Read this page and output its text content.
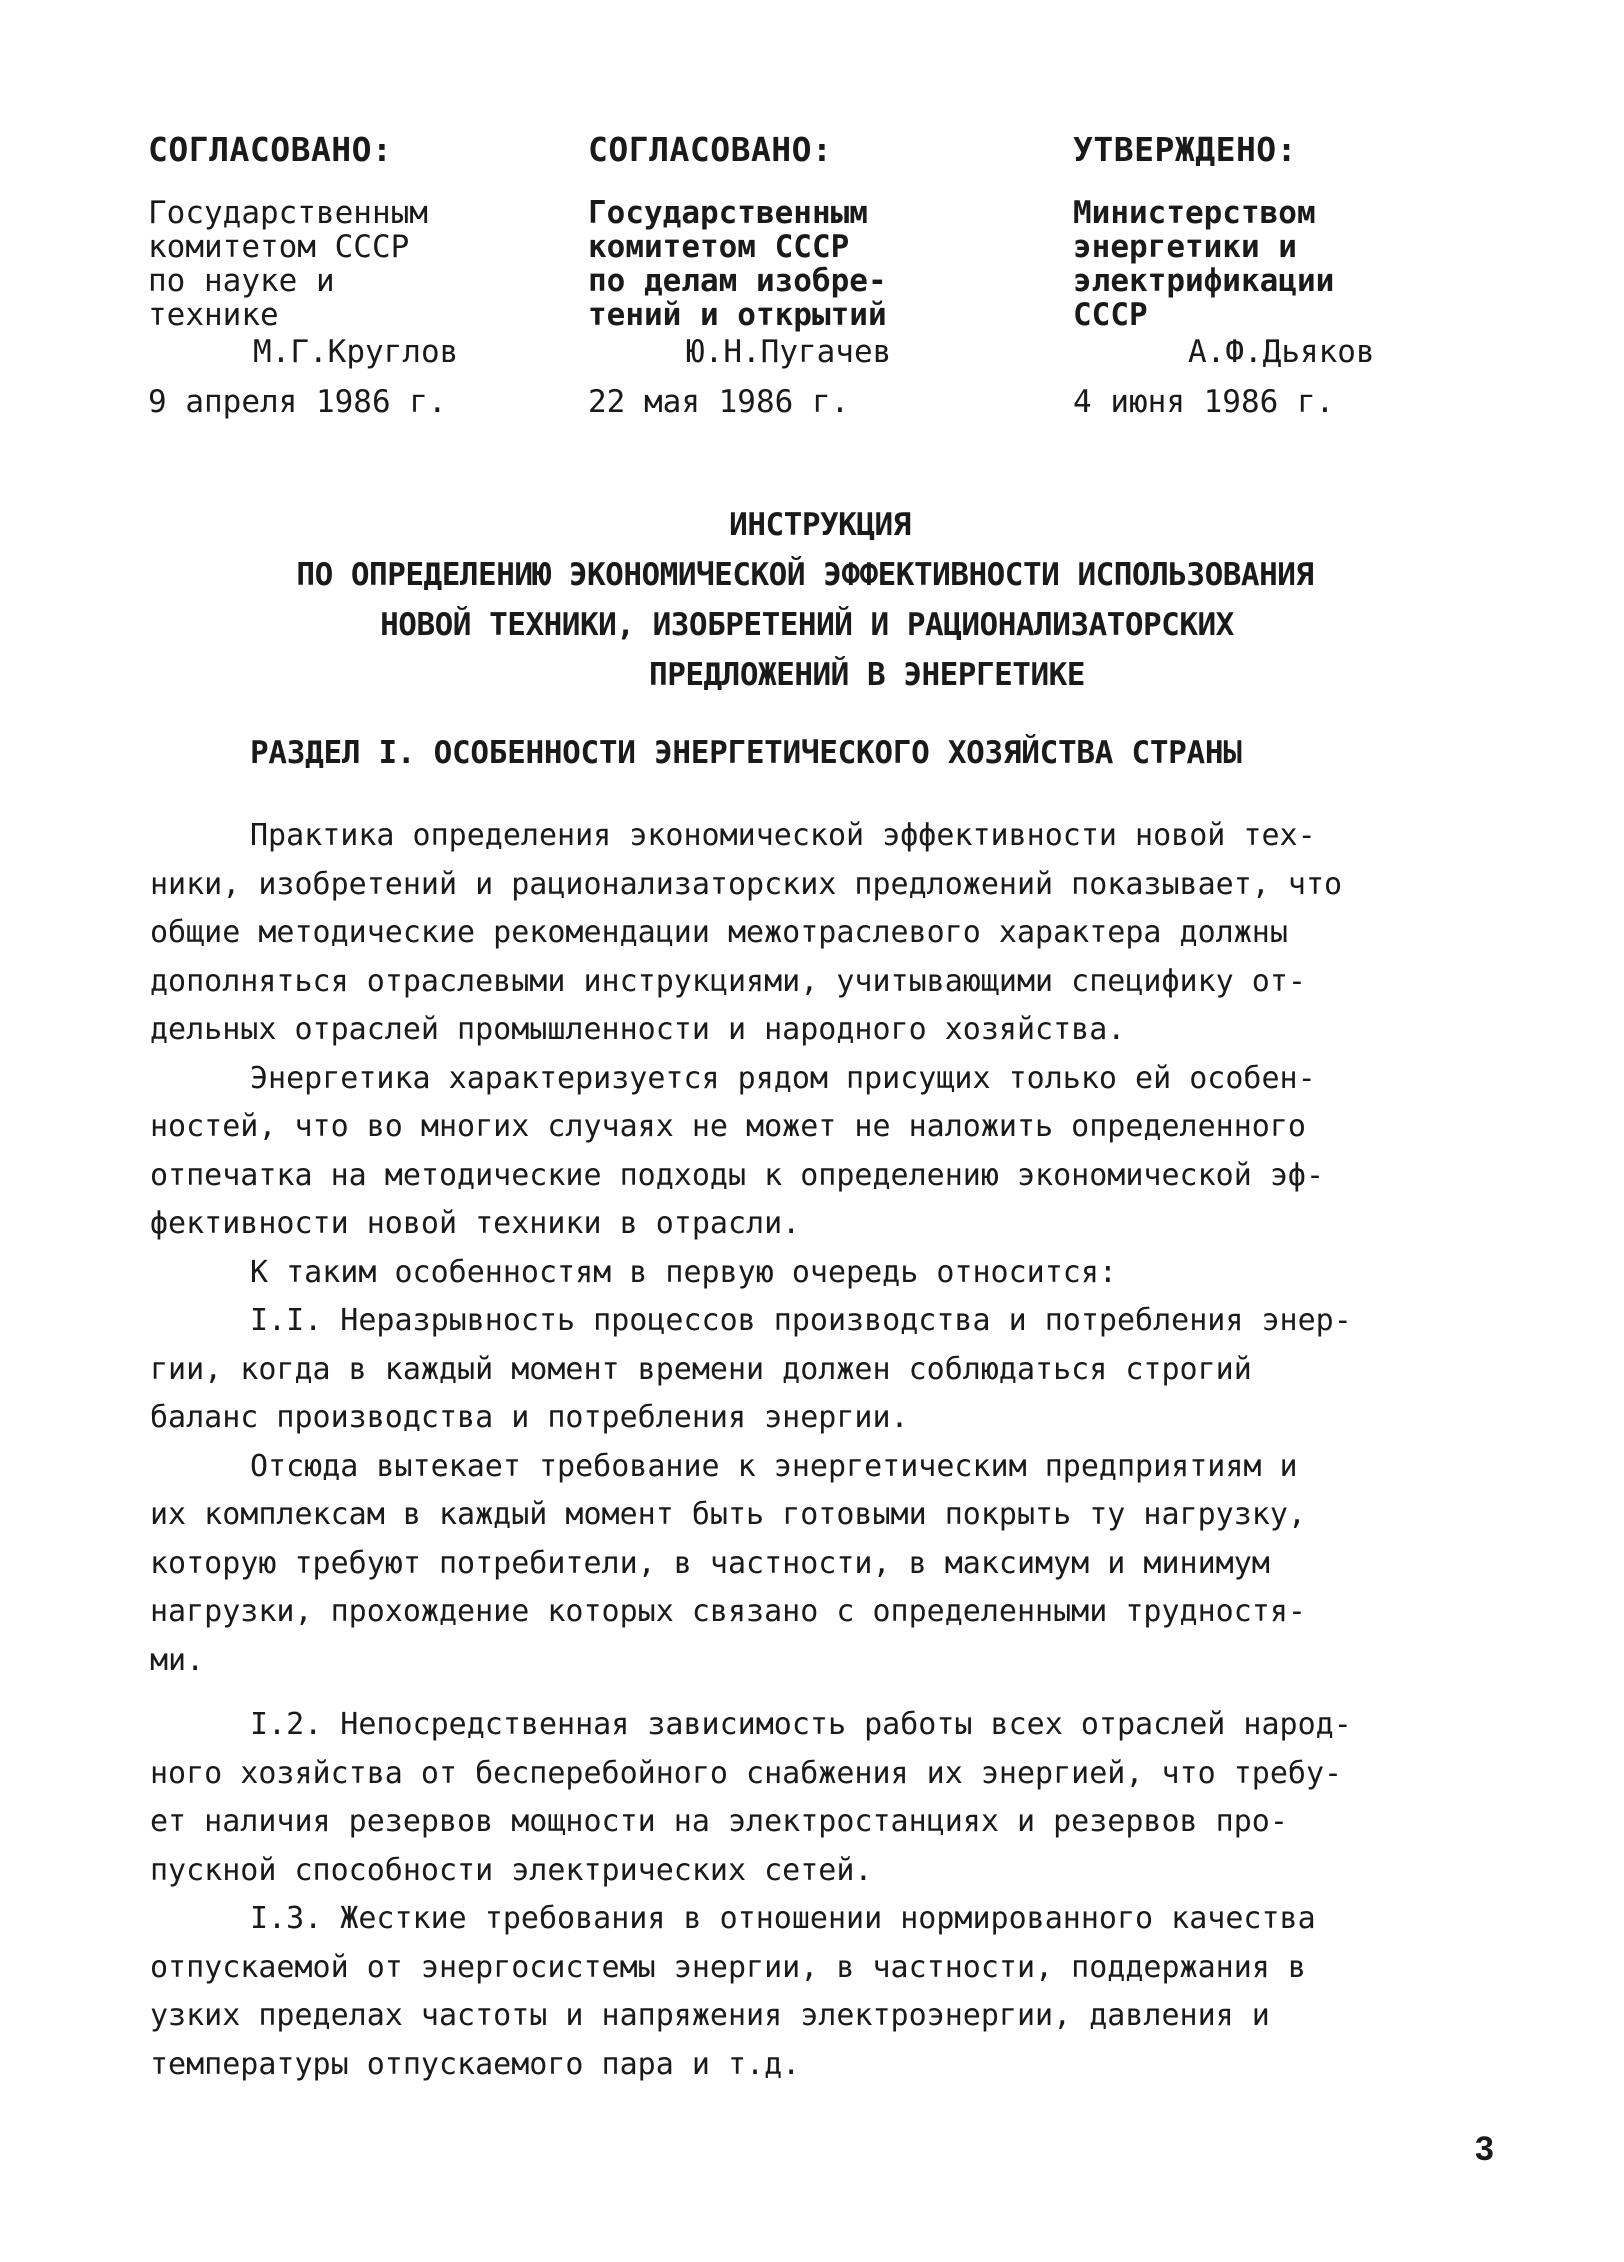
СОГЛАСОВАНО:
Государственным
комитетом СССР
по науке и
технике
М.Г.Круглов
9 апреля 1986 г.
СОГЛАСОВАНО:
Государственным
комитетом СССР
по делам изобре-
тений и открытий
Ю.Н.Пугачев
22 мая 1986 г.
УТВЕРЖДЕНО:
Министерством
энергетики и
электрификации
СССР
А.Ф.Дьяков
4 июня 1986 г.
ИНСТРУКЦИЯ
ПО ОПРЕДЕЛЕНИЮ ЭКОНОМИЧЕСКОЙ ЭФФЕКТИВНОСТИ ИСПОЛЬЗОВАНИЯ
НОВОЙ ТЕХНИКИ, ИЗОБРЕТЕНИЙ И РАЦИОНАЛИЗАТОРСКИХ
ПРЕДЛОЖЕНИЙ В ЭНЕРГЕТИКЕ
РАЗДЕЛ I. ОСОБЕННОСТИ ЭНЕРГЕТИЧЕСКОГО ХОЗЯЙСТВА СТРАНЫ
Практика определения экономической эффективности новой тех-
ники, изобретений и рационализаторских предложений показывает, что
общие методические рекомендации межотраслевого характера должны
дополняться отраслевыми инструкциями, учитывающими специфику от-
дельных отраслей промышленности и народного хозяйства.
Энергетика характеризуется рядом присущих только ей особен-
ностей, что во многих случаях не может не наложить определенного
отпечатка на методические подходы к определению экономической эф-
фективности новой техники в отрасли.
К таким особенностям в первую очередь относится:
I.I. Неразрывность процессов производства и потребления энер-
гии, когда в каждый момент времени должен соблюдаться строгий
баланс производства и потребления энергии.
Отсюда вытекает требование к энергетическим предприятиям и
их комплексам в каждый момент быть готовыми покрыть ту нагрузку,
которую требуют потребители, в частности, в максимум и минимум
нагрузки, прохождение которых связано с определенными трудностя-
ми.
I.2. Непосредственная зависимость работы всех отраслей народ-
ного хозяйства от бесперебойного снабжения их энергией, что требу-
ет наличия резервов мощности на электростанциях и резервов про-
пускной способности электрических сетей.
I.3. Жесткие требования в отношении нормированного качества
отпускаемой от энергосистемы энергии, в частности, поддержания в
узких пределах частоты и напряжения электроэнергии, давления и
температуры отпускаемого пара и т.д.
3
